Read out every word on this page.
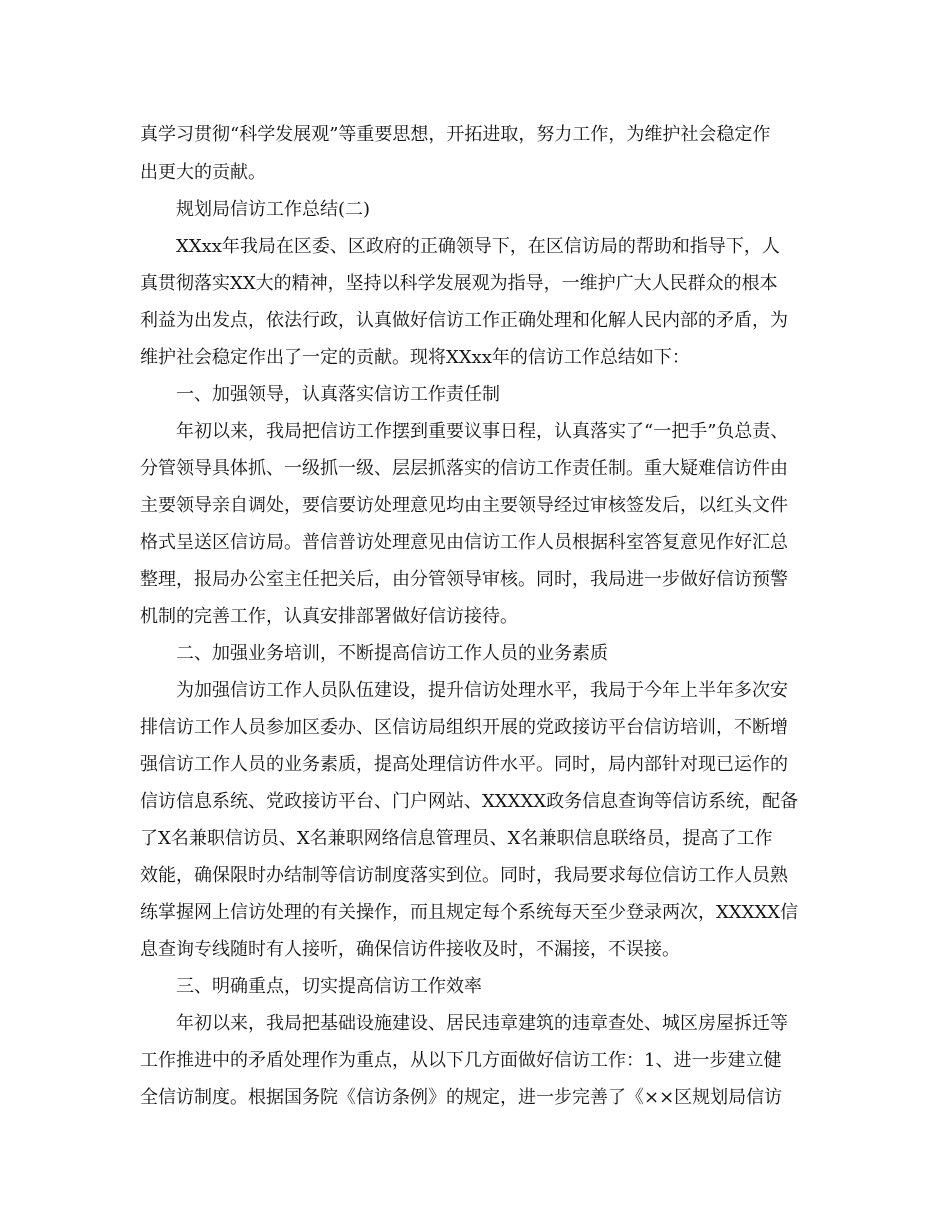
真学习贯彻“科学发展观”等重要思想，开拓进取，努力工作，为维护社会稳定作
出更大的贡献。
规划局信访工作总结(二)
XXxx年我局在区委、区政府的正确领导下，在区信访局的帮助和指导下，人
真贯彻落实XX大的精神，坚持以科学发展观为指导，一维护广大人民群众的根本
利益为出发点，依法行政，认真做好信访工作正确处理和化解人民内部的矛盾，为
维护社会稳定作出了一定的贡献。现将XXxx年的信访工作总结如下：
一、加强领导，认真落实信访工作责任制
年初以来，我局把信访工作摆到重要议事日程，认真落实了“一把手”负总责、
分管领导具体抓、一级抓一级、层层抓落实的信访工作责任制。重大疑难信访件由
主要领导亲自调处，要信要访处理意见均由主要领导经过审核签发后，以红头文件
格式呈送区信访局。普信普访处理意见由信访工作人员根据科室答复意见作好汇总
整理，报局办公室主任把关后，由分管领导审核。同时，我局进一步做好信访预警
机制的完善工作，认真安排部署做好信访接待。
二、加强业务培训，不断提高信访工作人员的业务素质
为加强信访工作人员队伍建设，提升信访处理水平，我局于今年上半年多次安
排信访工作人员参加区委办、区信访局组织开展的党政接访平台信访培训，不断增
强信访工作人员的业务素质，提高处理信访件水平。同时，局内部针对现已运作的
信访信息系统、党政接访平台、门户网站、XXXXX政务信息查询等信访系统，配备
了X名兼职信访员、X名兼职网络信息管理员、X名兼职信息联络员，提高了工作
效能，确保限时办结制等信访制度落实到位。同时，我局要求每位信访工作人员熟
练掌握网上信访处理的有关操作，而且规定每个系统每天至少登录两次，XXXXX信
息查询专线随时有人接听，确保信访件接收及时，不漏接，不误接。
三、明确重点，切实提高信访工作效率
年初以来，我局把基础设施建设、居民违章建筑的违章查处、城区房屋拆迁等
工作推进中的矛盾处理作为重点，从以下几方面做好信访工作：1、进一步建立健
全信访制度。根据国务院《信访条例》的规定，进一步完善了《××区规划局信访
